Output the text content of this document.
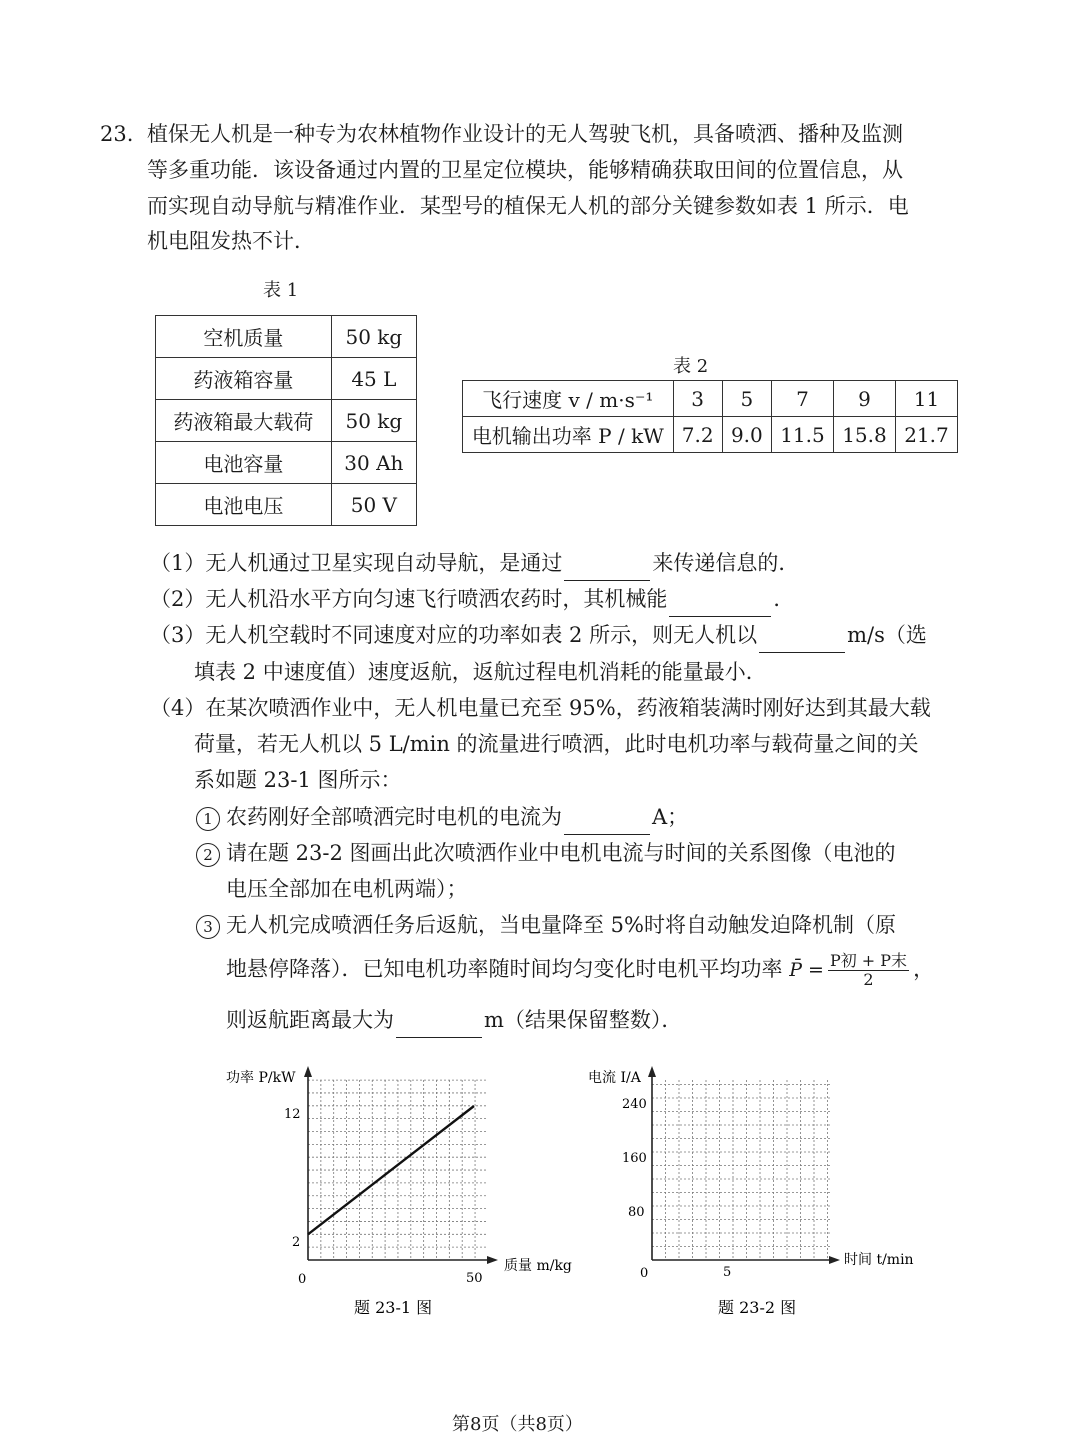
23. 植保无人机是一种专为农林植物作业设计的无人驾驶飞机，具备喷洒、播种及监测
等多重功能．该设备通过内置的卫星定位模块，能够精确获取田间的位置信息，从
而实现自动导航与精准作业．某型号的植保无人机的部分关键参数如表 1 所示．电
机电阻发热不计．
表 1
空机质量	50 kg
药液箱容量	45 L
药液箱最大载荷	50 kg
电池容量	30 Ah
电池电压	50 V
表 2
飞行速度 v / m·s⁻¹	3	5	7	9	11
电机输出功率 P / kW	7.2	9.0	11.5	15.8	21.7
（1）无人机通过卫星实现自动导航，是通过	来传递信息的．
（2）无人机沿水平方向匀速飞行喷洒农药时，其机械能	．
（3）无人机空载时不同速度对应的功率如表 2 所示，则无人机以	m/s（选
填表 2 中速度值）速度返航，返航过程电机消耗的能量最小．
（4）在某次喷洒作业中，无人机电量已充至 95%，药液箱装满时刚好达到其最大载
荷量，若无人机以 5 L/min 的流量进行喷洒，此时电机功率与载荷量之间的关
系如题 23-1 图所示：
1 农药刚好全部喷洒完时电机的电流为	A；
2 请在题 23-2 图画出此次喷洒作业中电机电流与时间的关系图像（电池的
电压全部加在电机两端）；
3 无人机完成喷洒任务后返航，当电量降至 5%时将自动触发迫降机制（原
地悬停降落）．已知电机功率随时间均匀变化时电机平均功率 P̄ = $\frac{\text{P初 + P末}}{2}$ ，
则返航距离最大为	m（结果保留整数）．
功率 P/kW
质量 m/kg
0	50
12
2
题 23-1 图
电流 I/A
时间 t/min
0	5
240
160
80
题 23-2 图
第8页（共8页）
